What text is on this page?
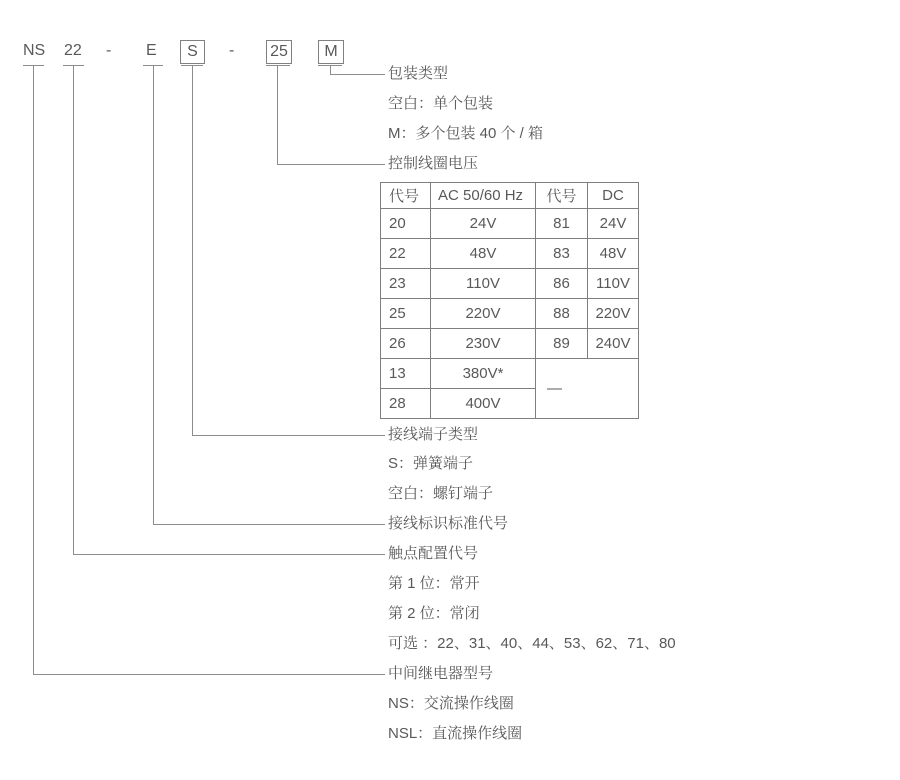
NS 22 - E	S	- 25	M
包装类型
空白：单个包装
M：多个包装 40 个 / 箱
控制线圈电压
代号	AC 50/60 Hz	代号	DC
20	24V	81	24V
22	48V	83	48V
23	110V	86	110V
25	220V	88	220V
26	230V	89	240V
13	380V*	—	
28	400V		
接线端子类型
S：弹簧端子
空白：螺钉端子
接线标识标准代号
触点配置代号
第 1 位：常开
第 2 位：常闭
可选 ：22、31、40、44、53、62、71、80
中间继电器型号
NS：交流操作线圈
NSL：直流操作线圈
